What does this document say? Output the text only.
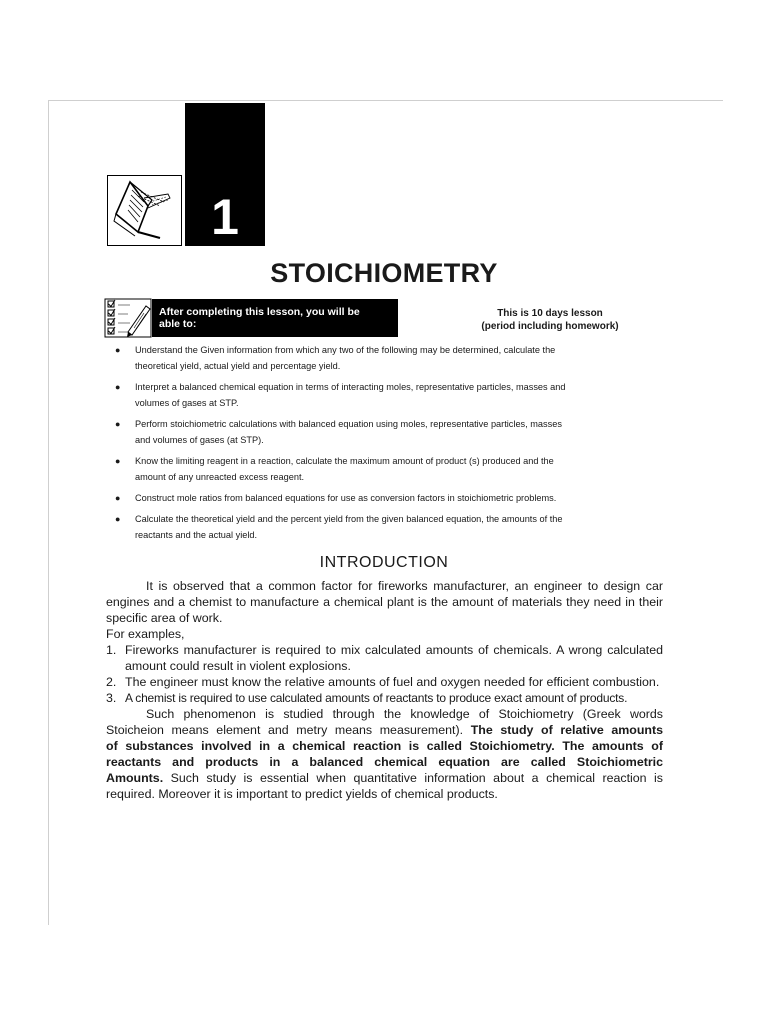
1
STOICHIOMETRY
After completing this lesson, you will be
able to:
This is 10 days lesson
(period including homework)
● Understand the Given information from which any two of the following may be determined, calculate the
theoretical yield, actual yield and percentage yield.
● Interpret a balanced chemical equation in terms of interacting moles, representative particles, masses and
volumes of gases at STP.
● Perform stoichiometric calculations with balanced equation using moles, representative particles, masses
and volumes of gases (at STP).
● Know the limiting reagent in a reaction, calculate the maximum amount of product (s) produced and the
amount of any unreacted excess reagent.
● Construct mole ratios from balanced equations for use as conversion factors in stoichiometric problems.
● Calculate the theoretical yield and the percent yield from the given balanced equation, the amounts of the
reactants and the actual yield.
INTRODUCTION

It is observed that a common factor for fireworks manufacturer, an engineer to design car engines and a chemist to manufacture a chemical plant is the amount of materials they need in their specific area of work.

For examples,

1. Fireworks manufacturer is required to mix calculated amounts of chemicals. A wrong calculated amount could result in violent explosions.
2. The engineer must know the relative amounts of fuel and oxygen needed for efficient combustion.
3. A chemist is required to use calculated amounts of reactants to produce exact amount of products.
Such phenomenon is studied through the knowledge of Stoichiometry (Greek words
Stoicheion means element and metry means measurement). The study of relative amounts
of substances involved in a chemical reaction is called Stoichiometry. The amounts of
reactants and products in a balanced chemical equation are called Stoichiometric
Amounts. Such study is essential when quantitative information about a chemical reaction is
required. Moreover it is important to predict yields of chemical products.
